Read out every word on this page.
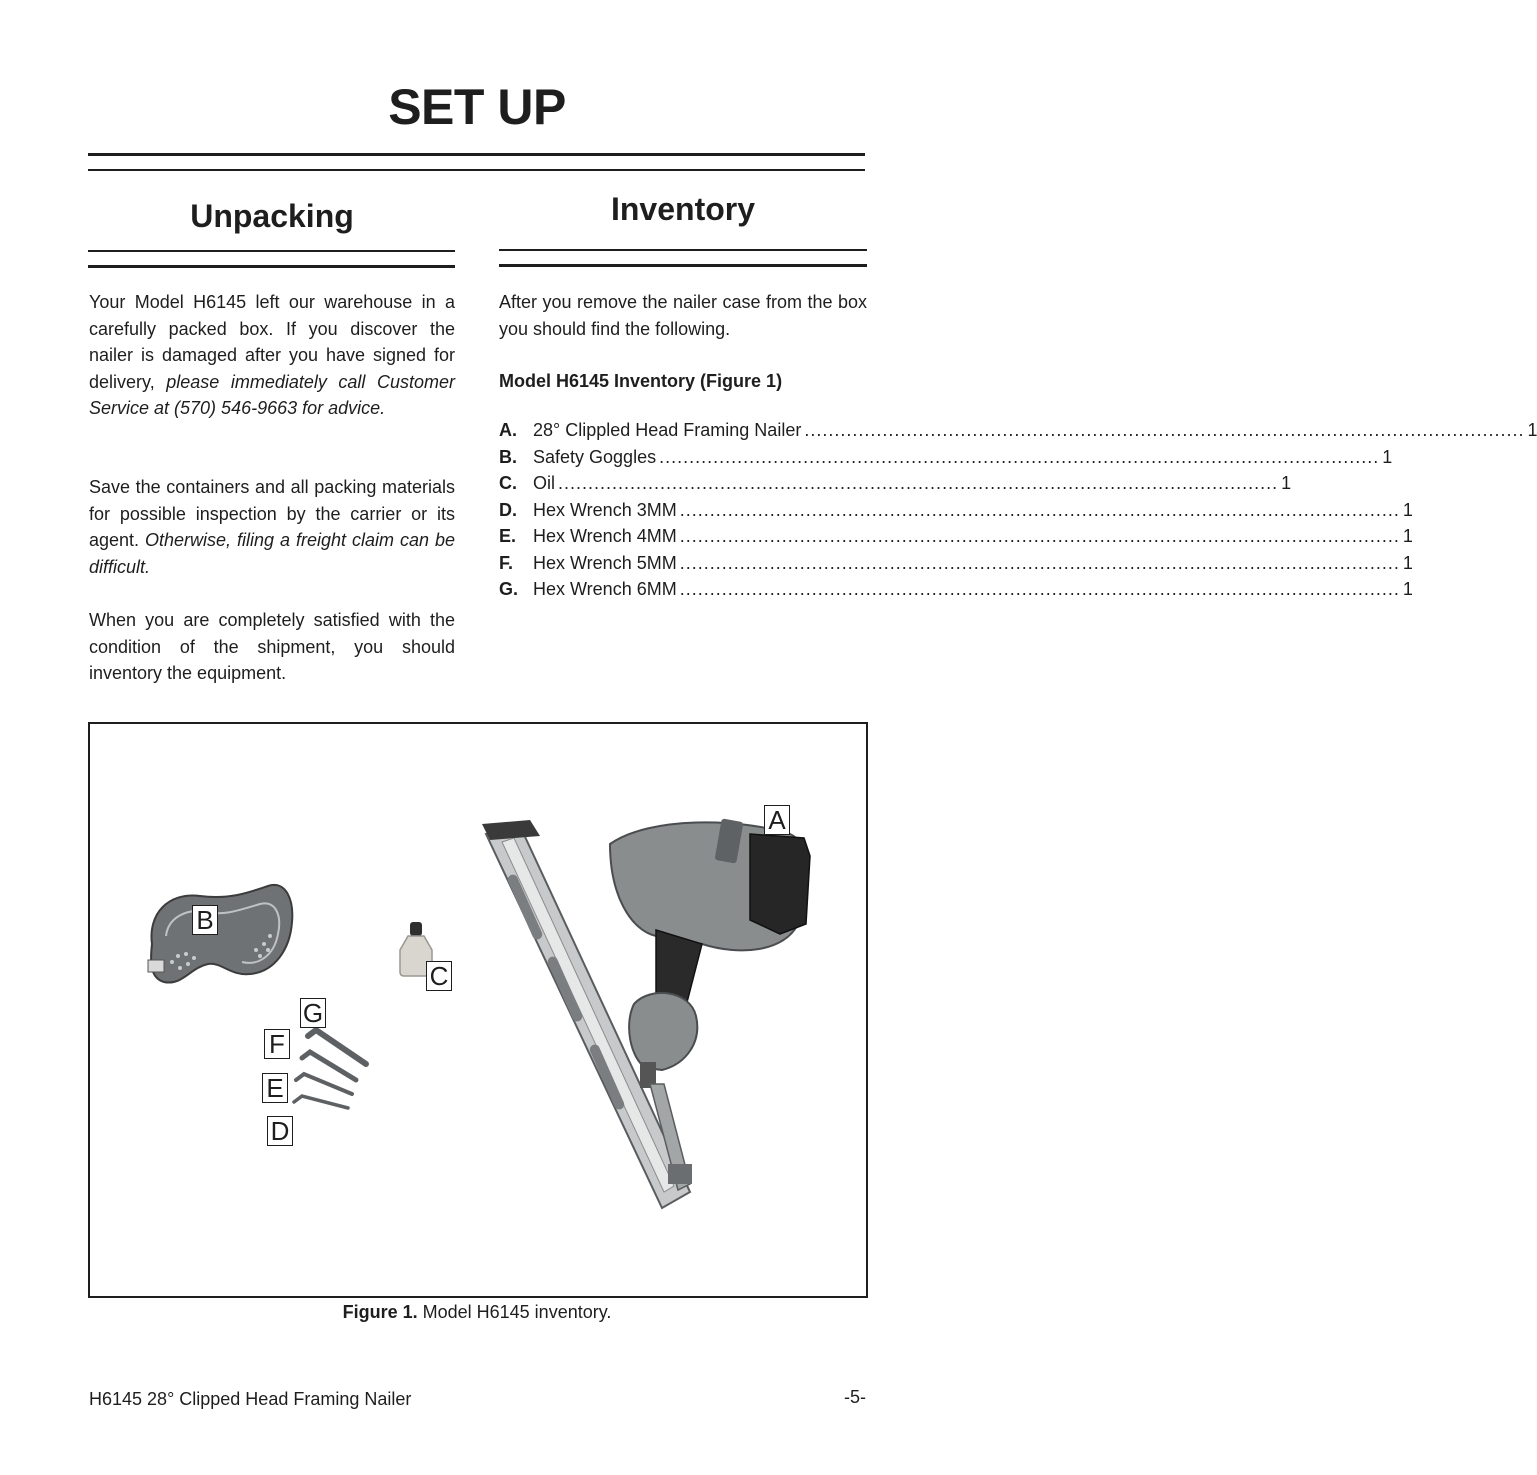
SET UP
Unpacking
Your Model H6145 left our warehouse in a carefully packed box. If you discover the nailer is damaged after you have signed for delivery, please immediately call Customer Service at (570) 546-9663 for advice.
Save the containers and all packing materials for possible inspection by the carrier or its agent. Otherwise, filing a freight claim can be difficult.
When you are completely satisfied with the condition of the shipment, you should inventory the equipment.
Inventory
After you remove the nailer case from the box you should find the following.
Model H6145 Inventory (Figure 1)
A. 28° Clippled Head Framing Nailer ........................................................................................................................ 1
B. Safety Goggles ........................................................................................................................ 1
C. Oil ........................................................................................................................ 1
D. Hex Wrench 3MM ........................................................................................................................ 1
E. Hex Wrench 4MM ........................................................................................................................ 1
F.	Hex Wrench 5MM ........................................................................................................................ 1
G. Hex Wrench 6MM ........................................................................................................................ 1
A
B
C
G
F
E
D
Figure 1. Model H6145 inventory.
H6145 28° Clipped Head Framing Nailer	-5-
